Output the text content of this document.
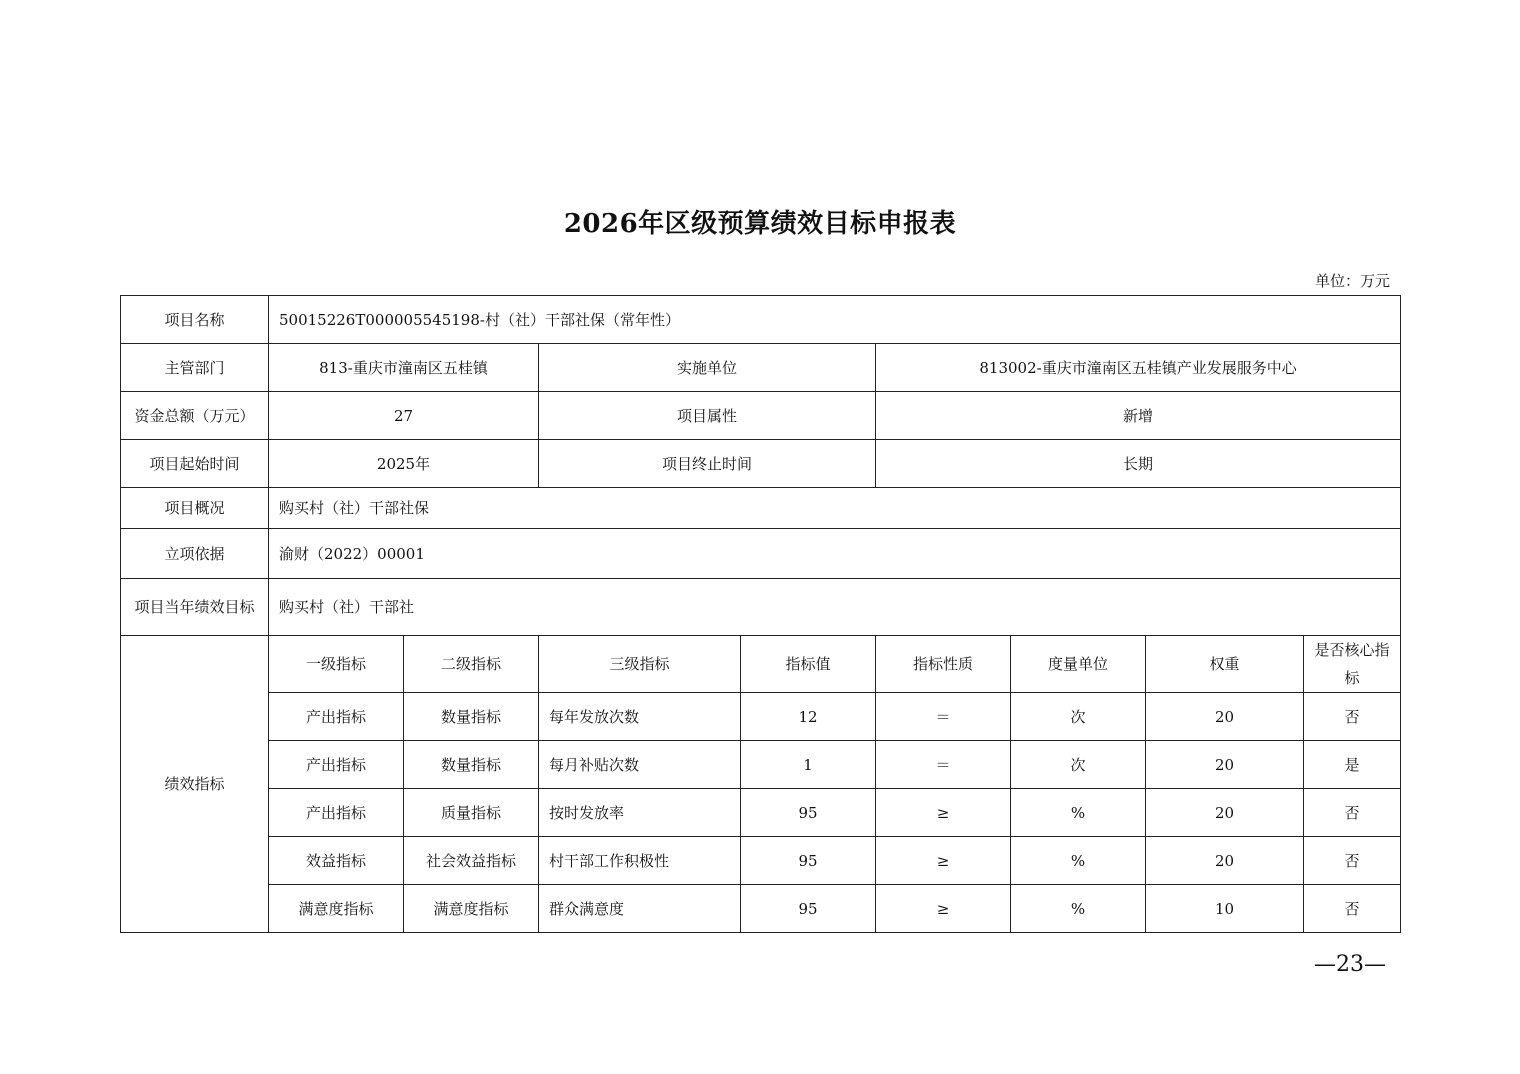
2026年区级预算绩效目标申报表
单位：万元
项目名称	50015226T000005545198-村（社）干部社保（常年性）							
主管部门	813-重庆市潼南区五桂镇		实施单位		813002-重庆市潼南区五桂镇产业发展服务中心			
资金总额（万元）	27		项目属性		新增			
项目起始时间	2025年		项目终止时间		长期			
项目概况	购买村（社）干部社保							
立项依据	渝财（2022）00001							
项目当年绩效目标	购买村（社）干部社							
绩效指标	一级指标	二级指标	三级指标	指标值	指标性质	度量单位	权重	是否核心指标
	产出指标	数量指标	每年发放次数	12	＝	次	20	否
	产出指标	数量指标	每月补贴次数	1	＝	次	20	是
	产出指标	质量指标	按时发放率	95	≥	%	20	否
	效益指标	社会效益指标	村干部工作积极性	95	≥	%	20	否
	满意度指标	满意度指标	群众满意度	95	≥	%	10	否
—23—
